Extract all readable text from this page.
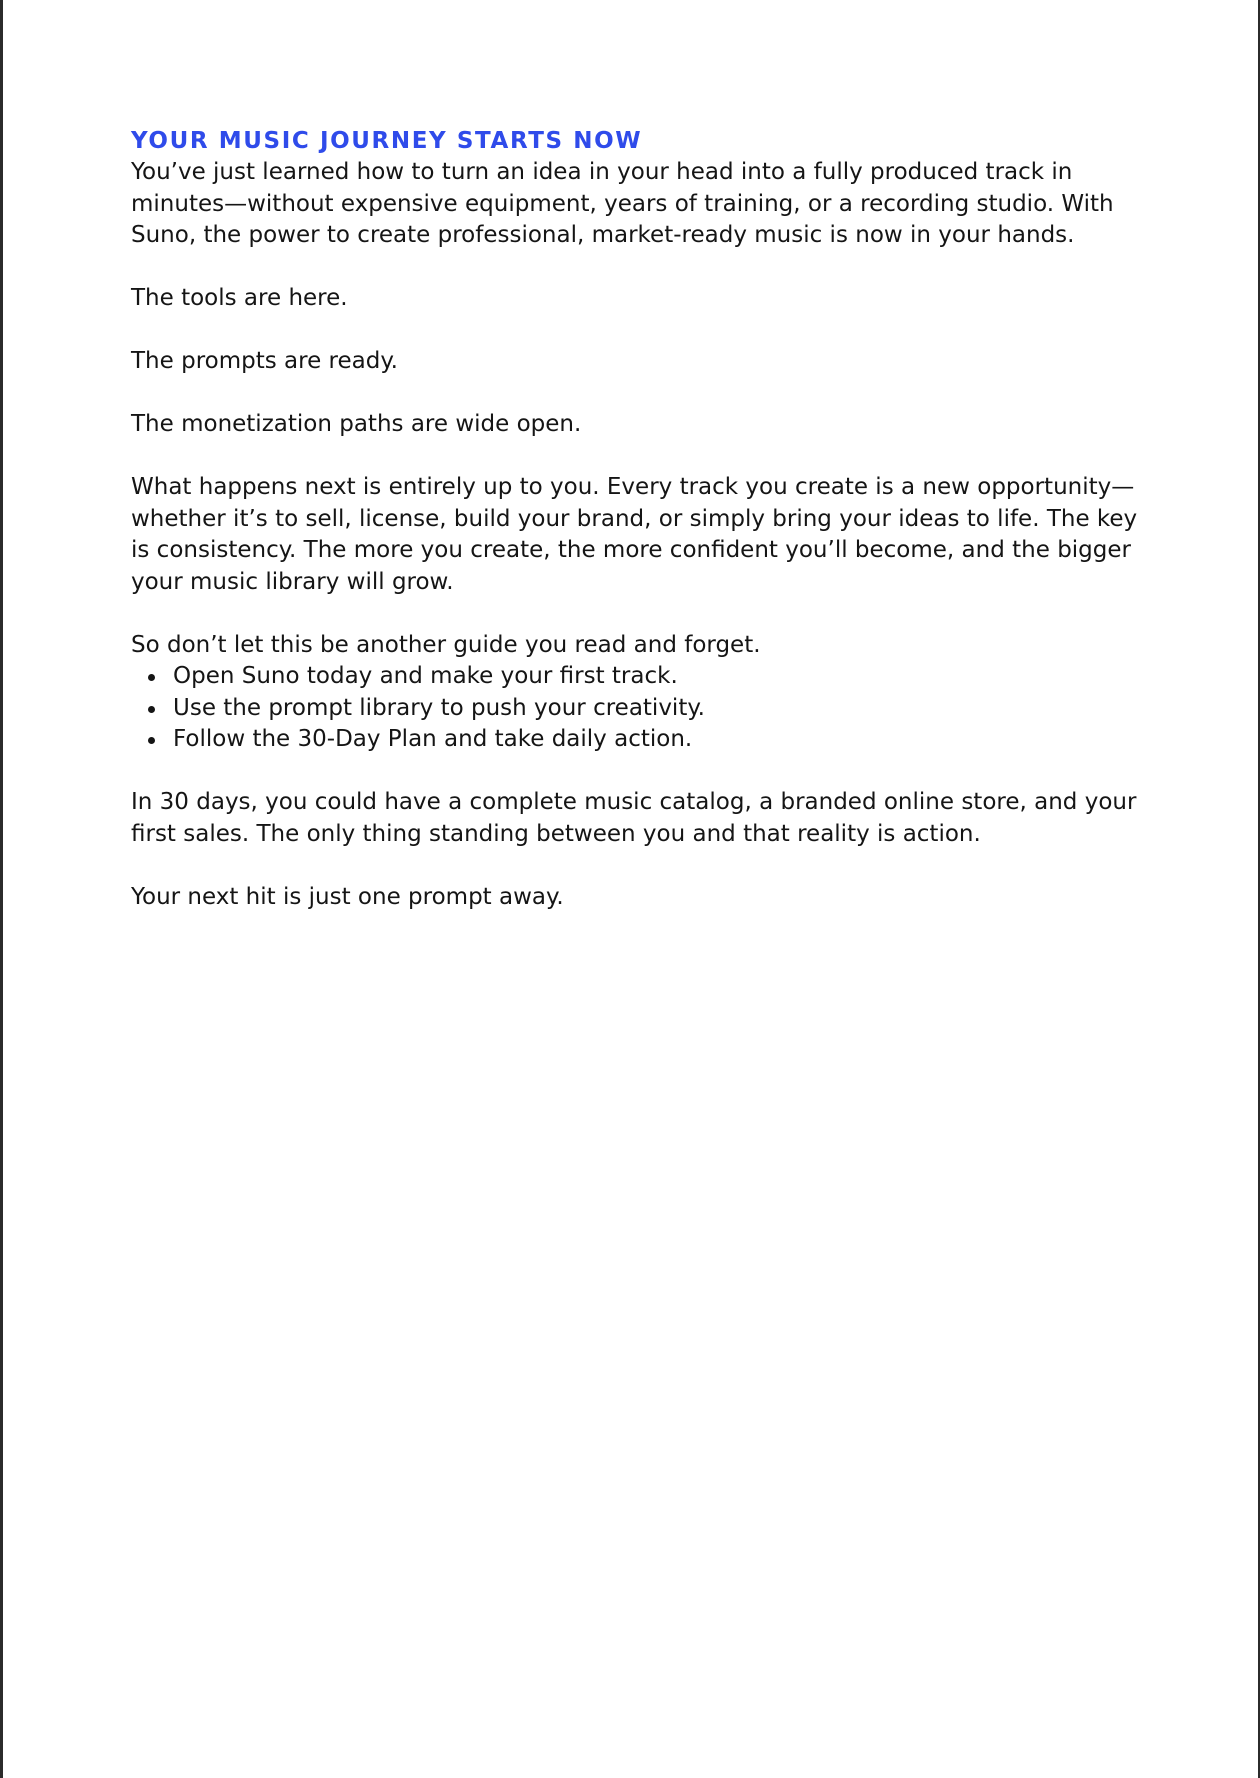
YOUR MUSIC JOURNEY STARTS NOW

You’ve just learned how to turn an idea in your head into a fully produced track in minutes—without expensive equipment, years of training, or a recording studio. With Suno, the power to create professional, market-ready music is now in your hands.

The tools are here.

The prompts are ready.

The monetization paths are wide open.

What happens next is entirely up to you. Every track you create is a new opportunity—whether it’s to sell, license, build your brand, or simply bring your ideas to life. The key is consistency. The more you create, the more confident you’ll become, and the bigger your music library will grow.

So don’t let this be another guide you read and forget.

Open Suno today and make your first track.
Use the prompt library to push your creativity.
Follow the 30-Day Plan and take daily action.

In 30 days, you could have a complete music catalog, a branded online store, and your first sales. The only thing standing between you and that reality is action.

Your next hit is just one prompt away.
